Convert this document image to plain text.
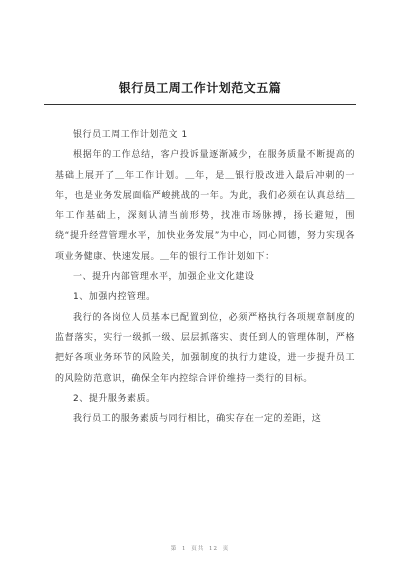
银行员工周工作计划范文五篇

银行员工周工作计划范文 1

根据年的工作总结，客户投诉量逐渐减少，在服务质量不断提高的基础上展开了＿年工作计划。＿年，是＿银行股改进入最后冲刺的一年，也是业务发展面临严峻挑战的一年。为此，我们必须在认真总结＿年工作基础上，深刻认清当前形势，找准市场脉搏，扬长避短，围绕“提升经营管理水平，加快业务发展”为中心，同心同德，努力实现各项业务健康、快速发展。＿年的银行工作计划如下：

一、提升内部管理水平，加强企业文化建设

1、加强内控管理。

我行的各岗位人员基本已配置到位，必须严格执行各项规章制度的监督落实，实行一级抓一级、层层抓落实、责任到人的管理体制，严格把好各项业务环节的风险关，加强制度的执行力建设，进一步提升员工的风险防范意识，确保全年内控综合评价维持一类行的目标。

2、提升服务素质。

我行员工的服务素质与同行相比，确实存在一定的差距，这

第 1 页共 12 页
